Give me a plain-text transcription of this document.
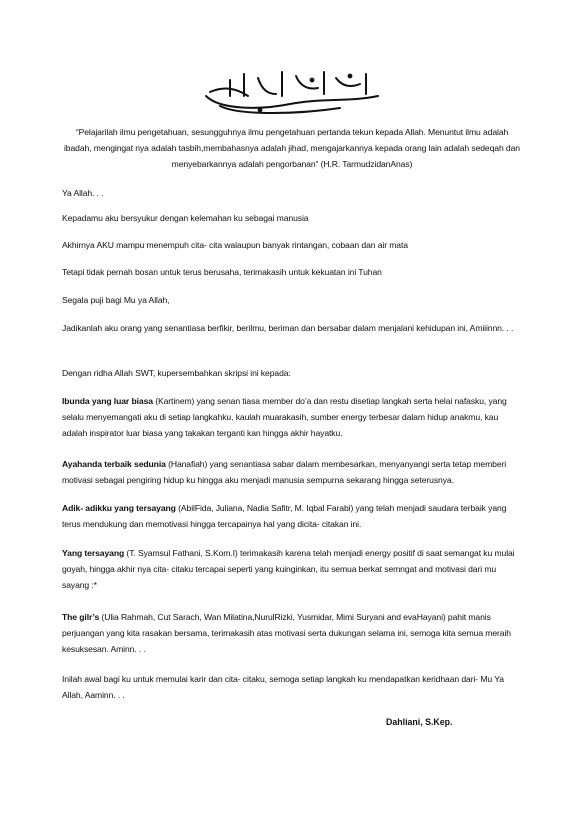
“Pelajarilah ilmu pengetahuan, sesungguhnya ilmu pengetahuan pertanda tekun kepada Allah. Menuntut ilmu adalah ibadah, mengingat nya adalah tasbih,membahasnya adalah jihad, mengajarkannya kepada orang lain adalah sedeqah dan menyebarkannya adalah pengorbanan” (H.R. TarmudzidanAnas)
Ya Allah. . .
Kepadamu aku bersyukur dengan kelemahan ku sebagai manusia
Akhirnya AKU mampu menempuh cita- cita walaupun banyak rintangan, cobaan dan air mata
Tetapi tidak pernah bosan untuk terus berusaha, terimakasih untuk kekuatan ini Tuhan
Segala puji bagi Mu ya Allah,
Jadikanlah aku orang yang senantiasa berfikir, berilmu, beriman dan bersabar dalam menjalani kehidupan ini, Amiiinnn. . .
Dengan ridha Allah SWT, kupersembahkan skripsi ini kepada:
Ibunda yang luar biasa (Kartinem) yang senan tiasa member do’a dan restu disetiap langkah serta helai nafasku, yang selalu menyemangati aku di setiap langkahku, kaulah muarakasih, sumber energy terbesar dalam hidup anakmu, kau adalah inspirator luar biasa yang takakan terganti kan hingga akhir hayatku.
Ayahanda terbaik sedunia (Hanafiah) yang senantiasa sabar dalam membesarkan, menyanyangi serta tetap memberi motivasi sebagai pengiring hidup ku hingga aku menjadi manusia sempurna sekarang hingga seterusnya.
Adik- adikku yang tersayang (AbilFida, Juliana, Nadia Safitr, M. Iqbal Farabi) yang telah menjadi saudara terbaik yang terus mendukung dan memotivasi hingga tercapainya hal yang dicita- citakan ini.
Yang tersayang (T. Syamsul Fathani, S.Kom.I) terimakasih karena telah menjadi energy positif di saat semangat ku mulai goyah, hingga akhir nya cita- citaku tercapai seperti yang kuinginkan, itu semua berkat semngat and motivasi dari mu sayang :*
The gilr’s (Ulia Rahmah, Cut Sarach, Wan Milatina,NurulRizki, Yusmidar, Mimi Suryani and evaHayani) pahit manis perjuangan yang kita rasakan bersama, terimakasih atas motivasi serta dukungan selama ini, semoga kita semua meraih kesuksesan. Aminn. . .
Inilah awal bagi ku untuk memulai karir dan cita- citaku, semoga setiap langkah ku mendapatkan keridhaan dari- Mu Ya Allah, Aaminn. . .
Dahliani, S.Kep.
